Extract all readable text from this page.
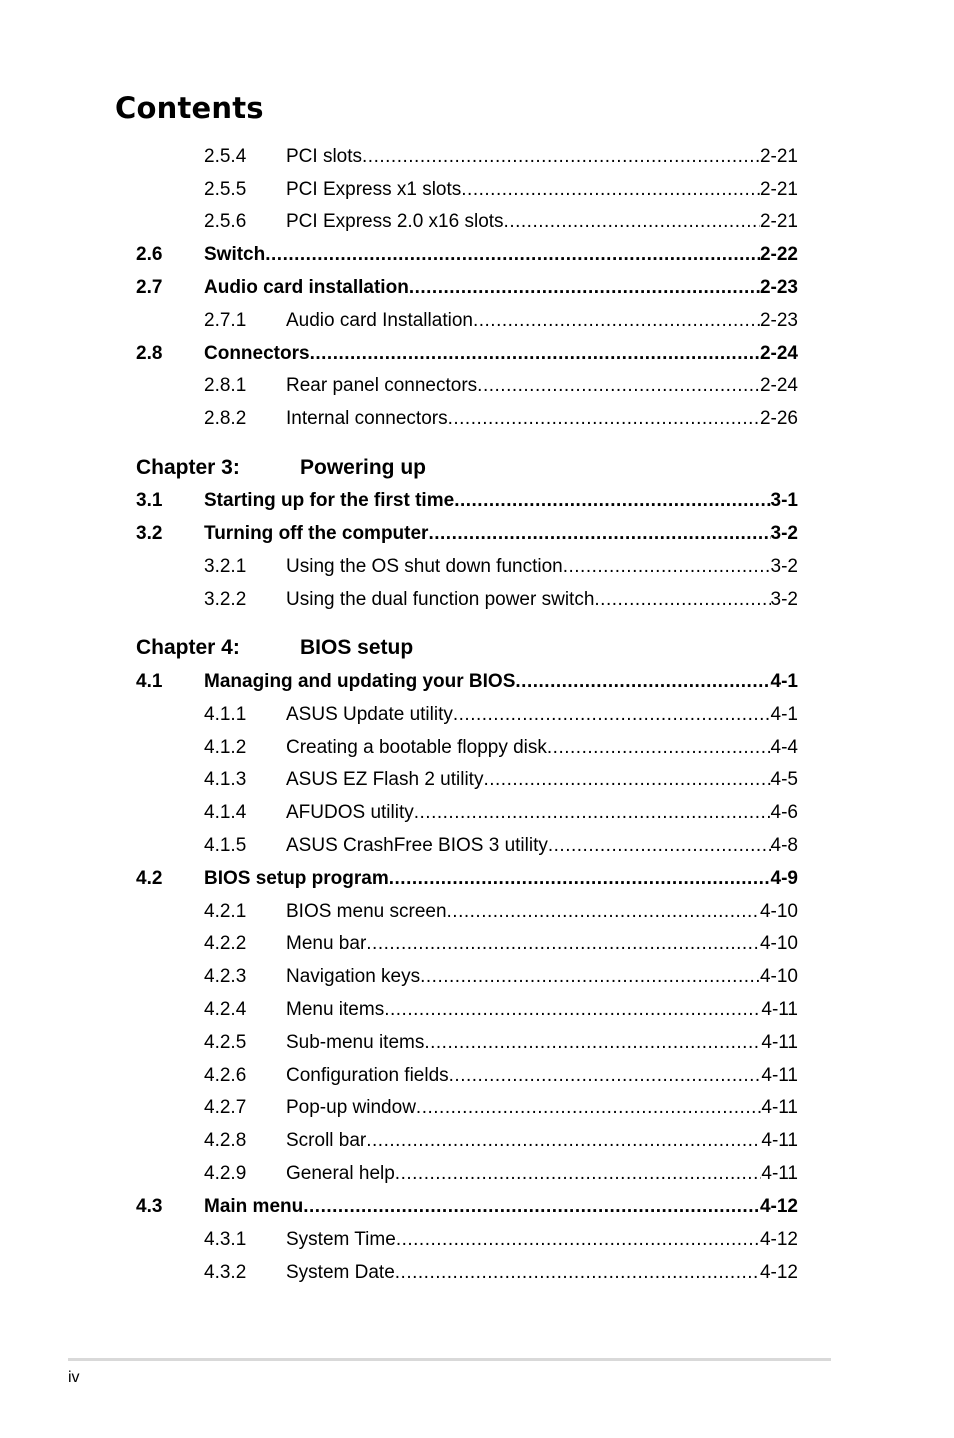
Contents
2.5.4 PCI slots .....	2-21
2.5.5 PCI Express x1 slots .....	2-21
2.5.6 PCI Express 2.0 x16 slots .....	2-21
2.6 Switch .....	2-22
2.7 Audio card installation .....	2-23
2.7.1 Audio card Installation .....	2-23
2.8 Connectors .....	2-24
2.8.1 Rear panel connectors .....	2-24
2.8.2 Internal connectors .....	2-26
Chapter 3:	Powering up
3.1 Starting up for the first time .....	3-1
3.2 Turning off the computer .....	3-2
3.2.1 Using the OS shut down function .....	3-2
3.2.2 Using the dual function power switch .....	3-2
Chapter 4:	BIOS setup
4.1 Managing and updating your BIOS .....	4-1
4.1.1 ASUS Update utility .....	4-1
4.1.2 Creating a bootable floppy disk .....	4-4
4.1.3 ASUS EZ Flash 2 utility .....	4-5
4.1.4 AFUDOS utility .....	4-6
4.1.5 ASUS CrashFree BIOS 3 utility .....	4-8
4.2 BIOS setup program .....	4-9
4.2.1 BIOS menu screen .....	4-10
4.2.2 Menu bar .....	4-10
4.2.3 Navigation keys .....	4-10
4.2.4 Menu items .....	4-11
4.2.5 Sub-menu items .....	4-11
4.2.6 Configuration fields .....	4-11
4.2.7 Pop-up window .....	4-11
4.2.8 Scroll bar .....	4-11
4.2.9 General help .....	4-11
4.3 Main menu .....	4-12
4.3.1 System Time .....	4-12
4.3.2 System Date .....	4-12
iv
